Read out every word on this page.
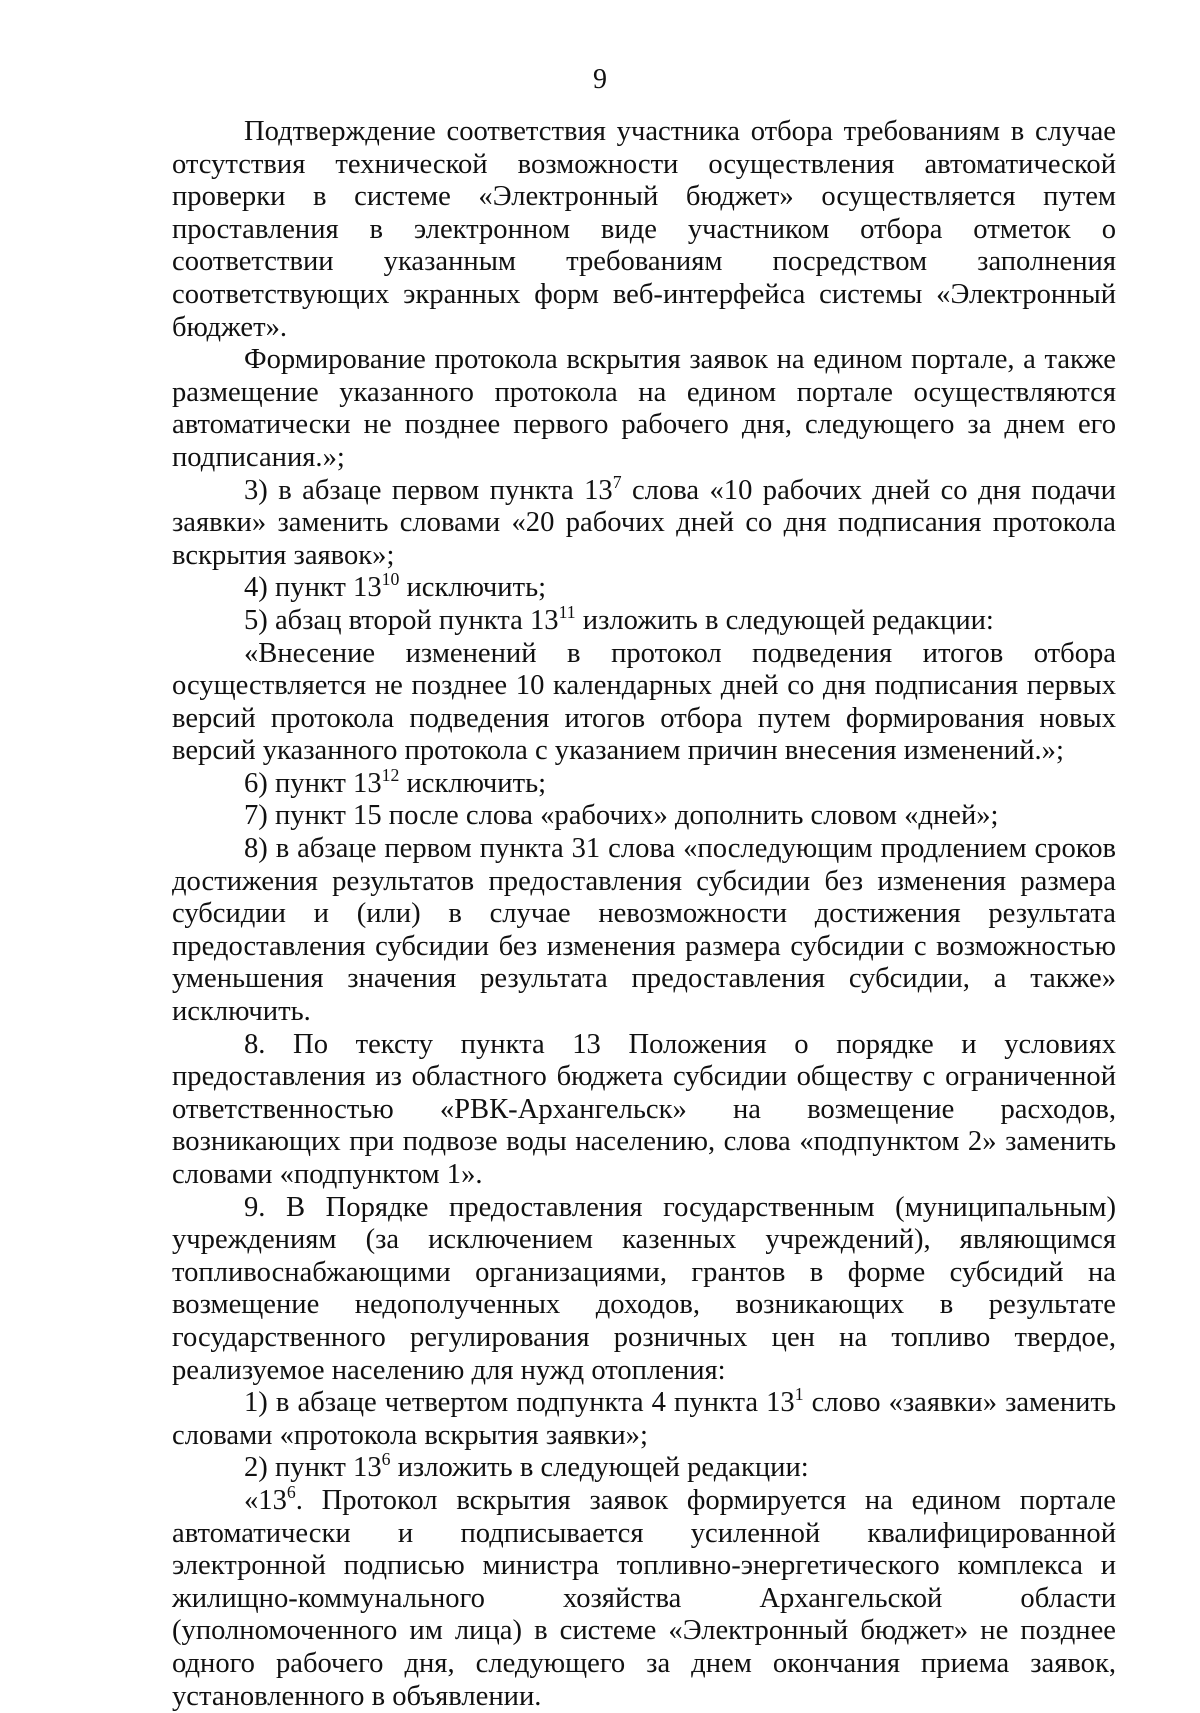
9

Подтверждение соответствия участника отбора требованиям в случае отсутствия технической возможности осуществления автоматической проверки в системе «Электронный бюджет» осуществляется путем проставления в электронном виде участником отбора отметок о соответствии указанным требованиям посредством заполнения соответствующих экранных форм веб-интерфейса системы «Электронный бюджет».

Формирование протокола вскрытия заявок на едином портале, а также размещение указанного протокола на едином портале осуществляются автоматически не позднее первого рабочего дня, следующего за днем его подписания.»;

3) в абзаце первом пункта $13^7$ слова «10 рабочих дней со дня подачи заявки» заменить словами «20 рабочих дней со дня подписания протокола вскрытия заявок»;

4) пункт $13^{10}$ исключить;

5) абзац второй пункта $13^{11}$ изложить в следующей редакции:

«Внесение изменений в протокол подведения итогов отбора осуществляется не позднее 10 календарных дней со дня подписания первых версий протокола подведения итогов отбора путем формирования новых версий указанного протокола с указанием причин внесения изменений.»;

6) пункт $13^{12}$ исключить;

7) пункт 15 после слова «рабочих» дополнить словом «дней»;

8) в абзаце первом пункта 31 слова «последующим продлением сроков достижения результатов предоставления субсидии без изменения размера субсидии и (или) в случае невозможности достижения результата предоставления субсидии без изменения размера субсидии с возможностью уменьшения значения результата предоставления субсидии, а также» исключить.

8. По тексту пункта 13 Положения о порядке и условиях предоставления из областного бюджета субсидии обществу с ограниченной ответственностью «РВК-Архангельск» на возмещение расходов, возникающих при подвозе воды населению, слова «подпунктом 2» заменить словами «подпунктом 1».

9. В Порядке предоставления государственным (муниципальным) учреждениям (за исключением казенных учреждений), являющимся топливоснабжающими организациями, грантов в форме субсидий на возмещение недополученных доходов, возникающих в результате государственного регулирования розничных цен на топливо твердое, реализуемое населению для нужд отопления:

1) в абзаце четвертом подпункта 4 пункта $13^1$ слово «заявки» заменить словами «протокола вскрытия заявки»;

2) пункт $13^6$ изложить в следующей редакции:

«$13^6$. Протокол вскрытия заявок формируется на едином портале автоматически и подписывается усиленной квалифицированной электронной подписью министра топливно-энергетического комплекса и жилищно-коммунального хозяйства Архангельской области (уполномоченного им лица) в системе «Электронный бюджет» не позднее одного рабочего дня, следующего за днем окончания приема заявок, установленного в объявлении.
